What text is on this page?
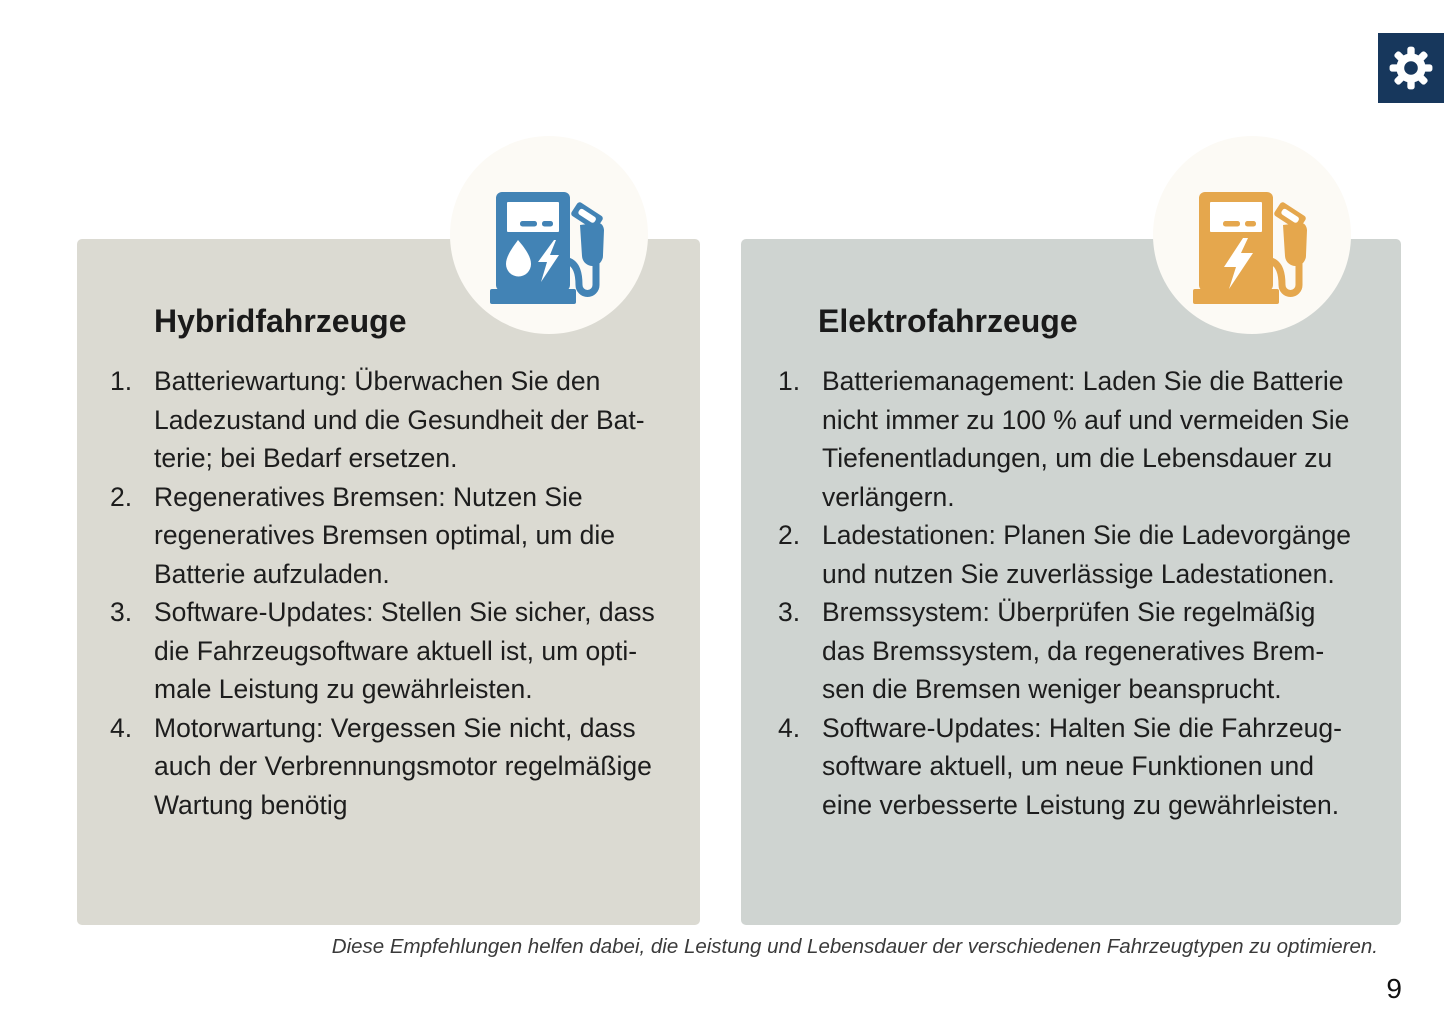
Hybridfahrzeuge
1. Batteriewartung: Überwachen Sie den Ladezustand und die Gesundheit der Batterie; bei Bedarf ersetzen.
2. Regeneratives Bremsen: Nutzen Sie regeneratives Bremsen optimal, um die Batterie aufzuladen.
3. Software-Updates: Stellen Sie sicher, dass die Fahrzeugsoftware aktuell ist, um optimale Leistung zu gewährleisten.
4. Motorwartung: Vergessen Sie nicht, dass auch der Verbrennungsmotor regelmäßige Wartung benötig
Elektrofahrzeuge
1. Batteriemanagement: Laden Sie die Batterie nicht immer zu 100 % auf und vermeiden Sie Tiefenentladungen, um die Lebensdauer zu verlängern.
2. Ladestationen: Planen Sie die Ladevorgänge und nutzen Sie zuverlässige Ladestationen.
3. Bremssystem: Überprüfen Sie regelmäßig das Bremssystem, da regeneratives Bremsen die Bremsen weniger beansprucht.
4. Software-Updates: Halten Sie die Fahrzeugsoftware aktuell, um neue Funktionen und eine verbesserte Leistung zu gewährleisten.
Diese Empfehlungen helfen dabei, die Leistung und Lebensdauer der verschiedenen Fahrzeugtypen zu optimieren.
9
